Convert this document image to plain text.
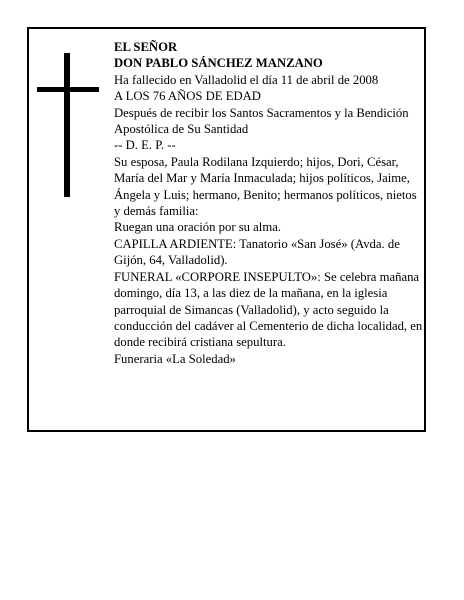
EL SEÑOR

DON PABLO SÁNCHEZ MANZANO

Ha fallecido en Valladolid el día 11 de abril de 2008

A LOS 76 AÑOS DE EDAD

Después de recibir los Santos Sacramentos y la Bendición Apostólica de Su Santidad

-- D. E. P. --

Su esposa, Paula Rodilana Izquierdo; hijos, Dori, César, María del Mar y María Inmaculada; hijos políticos, Jaime, Ángela y Luis; hermano, Benito; hermanos políticos, nietos y demás familia:

Ruegan una oración por su alma.

CAPILLA ARDIENTE: Tanatorio «San José» (Avda. de Gijón, 64, Valladolid).

FUNERAL «CORPORE INSEPULTO»: Se celebra mañana domingo, día 13, a las diez de la mañana, en la iglesia parroquial de Simancas (Valladolid), y acto seguido la conducción del cadáver al Cementerio de dicha localidad, en donde recibirá cristiana sepultura.

Funeraria «La Soledad»
